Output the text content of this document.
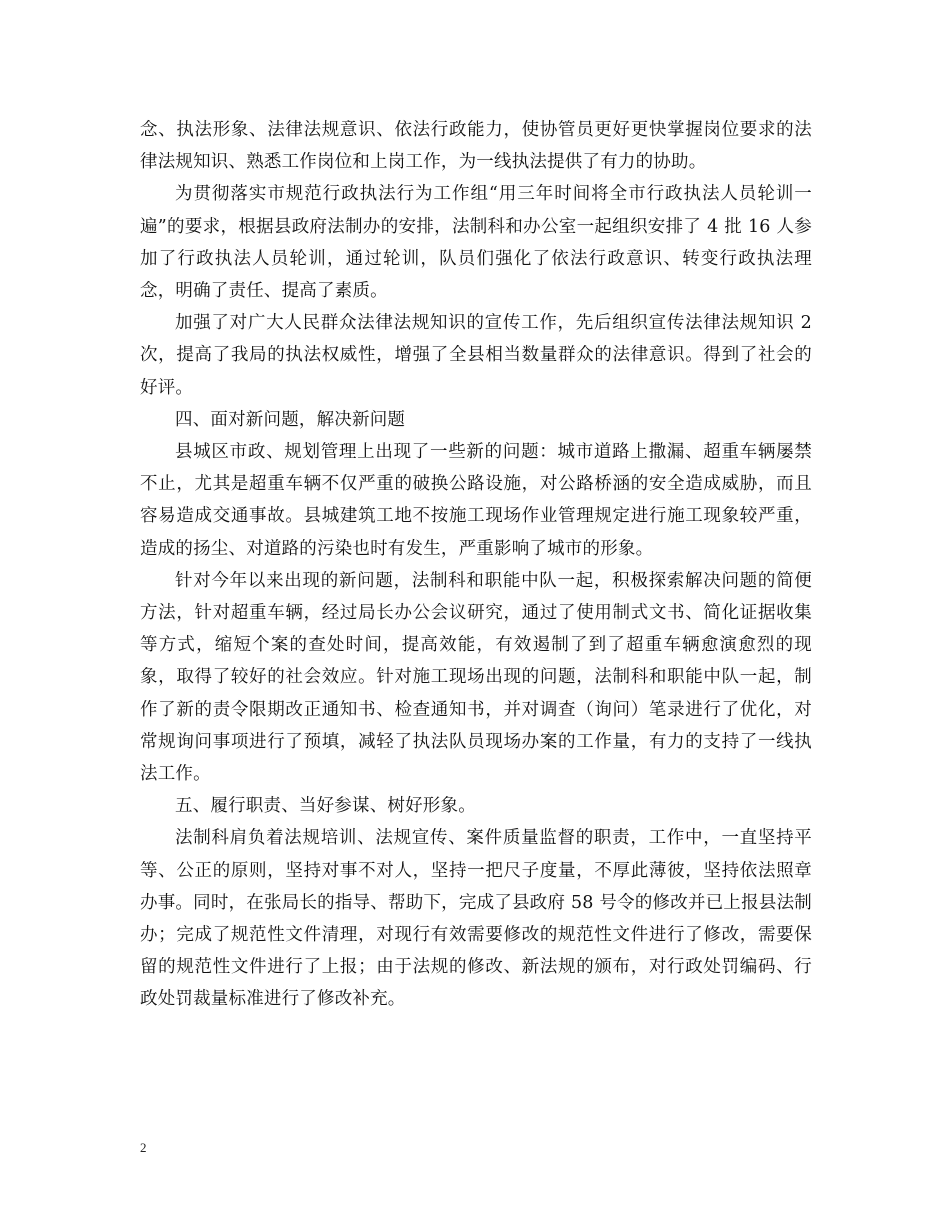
念、执法形象、法律法规意识、依法行政能力，使协管员更好更快掌握岗位要求的法律法规知识、熟悉工作岗位和上岗工作，为一线执法提供了有力的协助。

为贯彻落实市规范行政执法行为工作组“用三年时间将全市行政执法人员轮训一遍”的要求，根据县政府法制办的安排，法制科和办公室一起组织安排了 4 批 16 人参加了行政执法人员轮训，通过轮训，队员们强化了依法行政意识、转变行政执法理念，明确了责任、提高了素质。

加强了对广大人民群众法律法规知识的宣传工作，先后组织宣传法律法规知识 2 次，提高了我局的执法权威性，增强了全县相当数量群众的法律意识。得到了社会的好评。

四、面对新问题，解决新问题

县城区市政、规划管理上出现了一些新的问题：城市道路上撒漏、超重车辆屡禁不止，尤其是超重车辆不仅严重的破换公路设施，对公路桥涵的安全造成威胁，而且容易造成交通事故。县城建筑工地不按施工现场作业管理规定进行施工现象较严重，造成的扬尘、对道路的污染也时有发生，严重影响了城市的形象。

针对今年以来出现的新问题，法制科和职能中队一起，积极探索解决问题的简便方法，针对超重车辆，经过局长办公会议研究，通过了使用制式文书、简化证据收集等方式，缩短个案的查处时间，提高效能，有效遏制了到了超重车辆愈演愈烈的现象，取得了较好的社会效应。针对施工现场出现的问题，法制科和职能中队一起，制作了新的责令限期改正通知书、检查通知书，并对调查（询问）笔录进行了优化，对常规询问事项进行了预填，减轻了执法队员现场办案的工作量，有力的支持了一线执法工作。

五、履行职责、当好参谋、树好形象。

法制科肩负着法规培训、法规宣传、案件质量监督的职责，工作中，一直坚持平等、公正的原则，坚持对事不对人，坚持一把尺子度量，不厚此薄彼，坚持依法照章办事。同时，在张局长的指导、帮助下，完成了县政府 58 号令的修改并已上报县法制办；完成了规范性文件清理，对现行有效需要修改的规范性文件进行了修改，需要保留的规范性文件进行了上报；由于法规的修改、新法规的颁布，对行政处罚编码、行政处罚裁量标准进行了修改补充。

2
